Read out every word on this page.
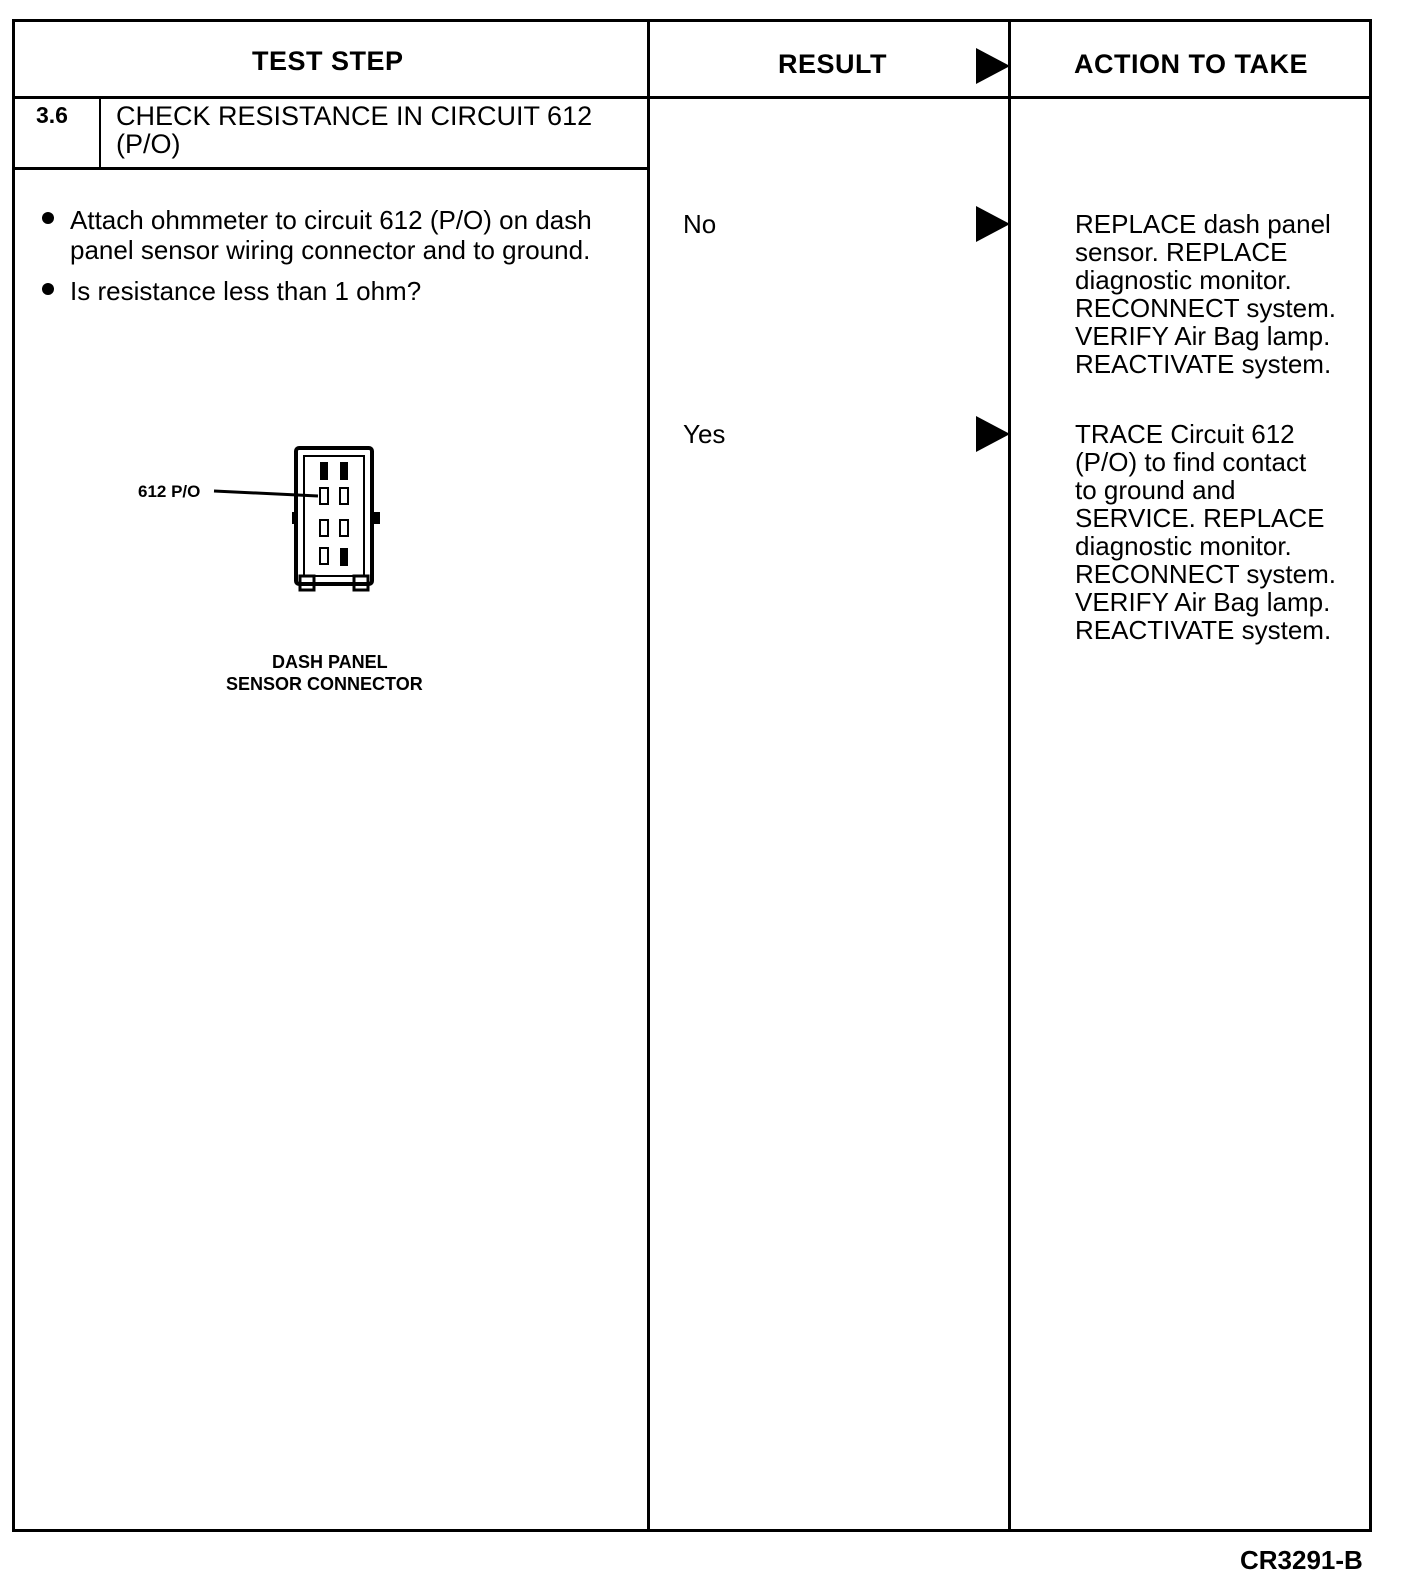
TEST STEP	RESULT	ACTION TO TAKE
3.6 CHECK RESISTANCE IN CIRCUIT 612
(P/O)
Attach ohmmeter to circuit 612 (P/O) on dash
panel sensor wiring connector and to ground.
Is resistance less than 1 ohm?
612 P/O
DASH PANEL
SENSOR CONNECTOR
No	REPLACE dash panel
sensor. REPLACE
diagnostic monitor.
RECONNECT system.
VERIFY Air Bag lamp.
REACTIVATE system.
Yes	TRACE Circuit 612
(P/O) to find contact
to ground and
SERVICE. REPLACE
diagnostic monitor.
RECONNECT system.
VERIFY Air Bag lamp.
REACTIVATE system.
CR3291-B
